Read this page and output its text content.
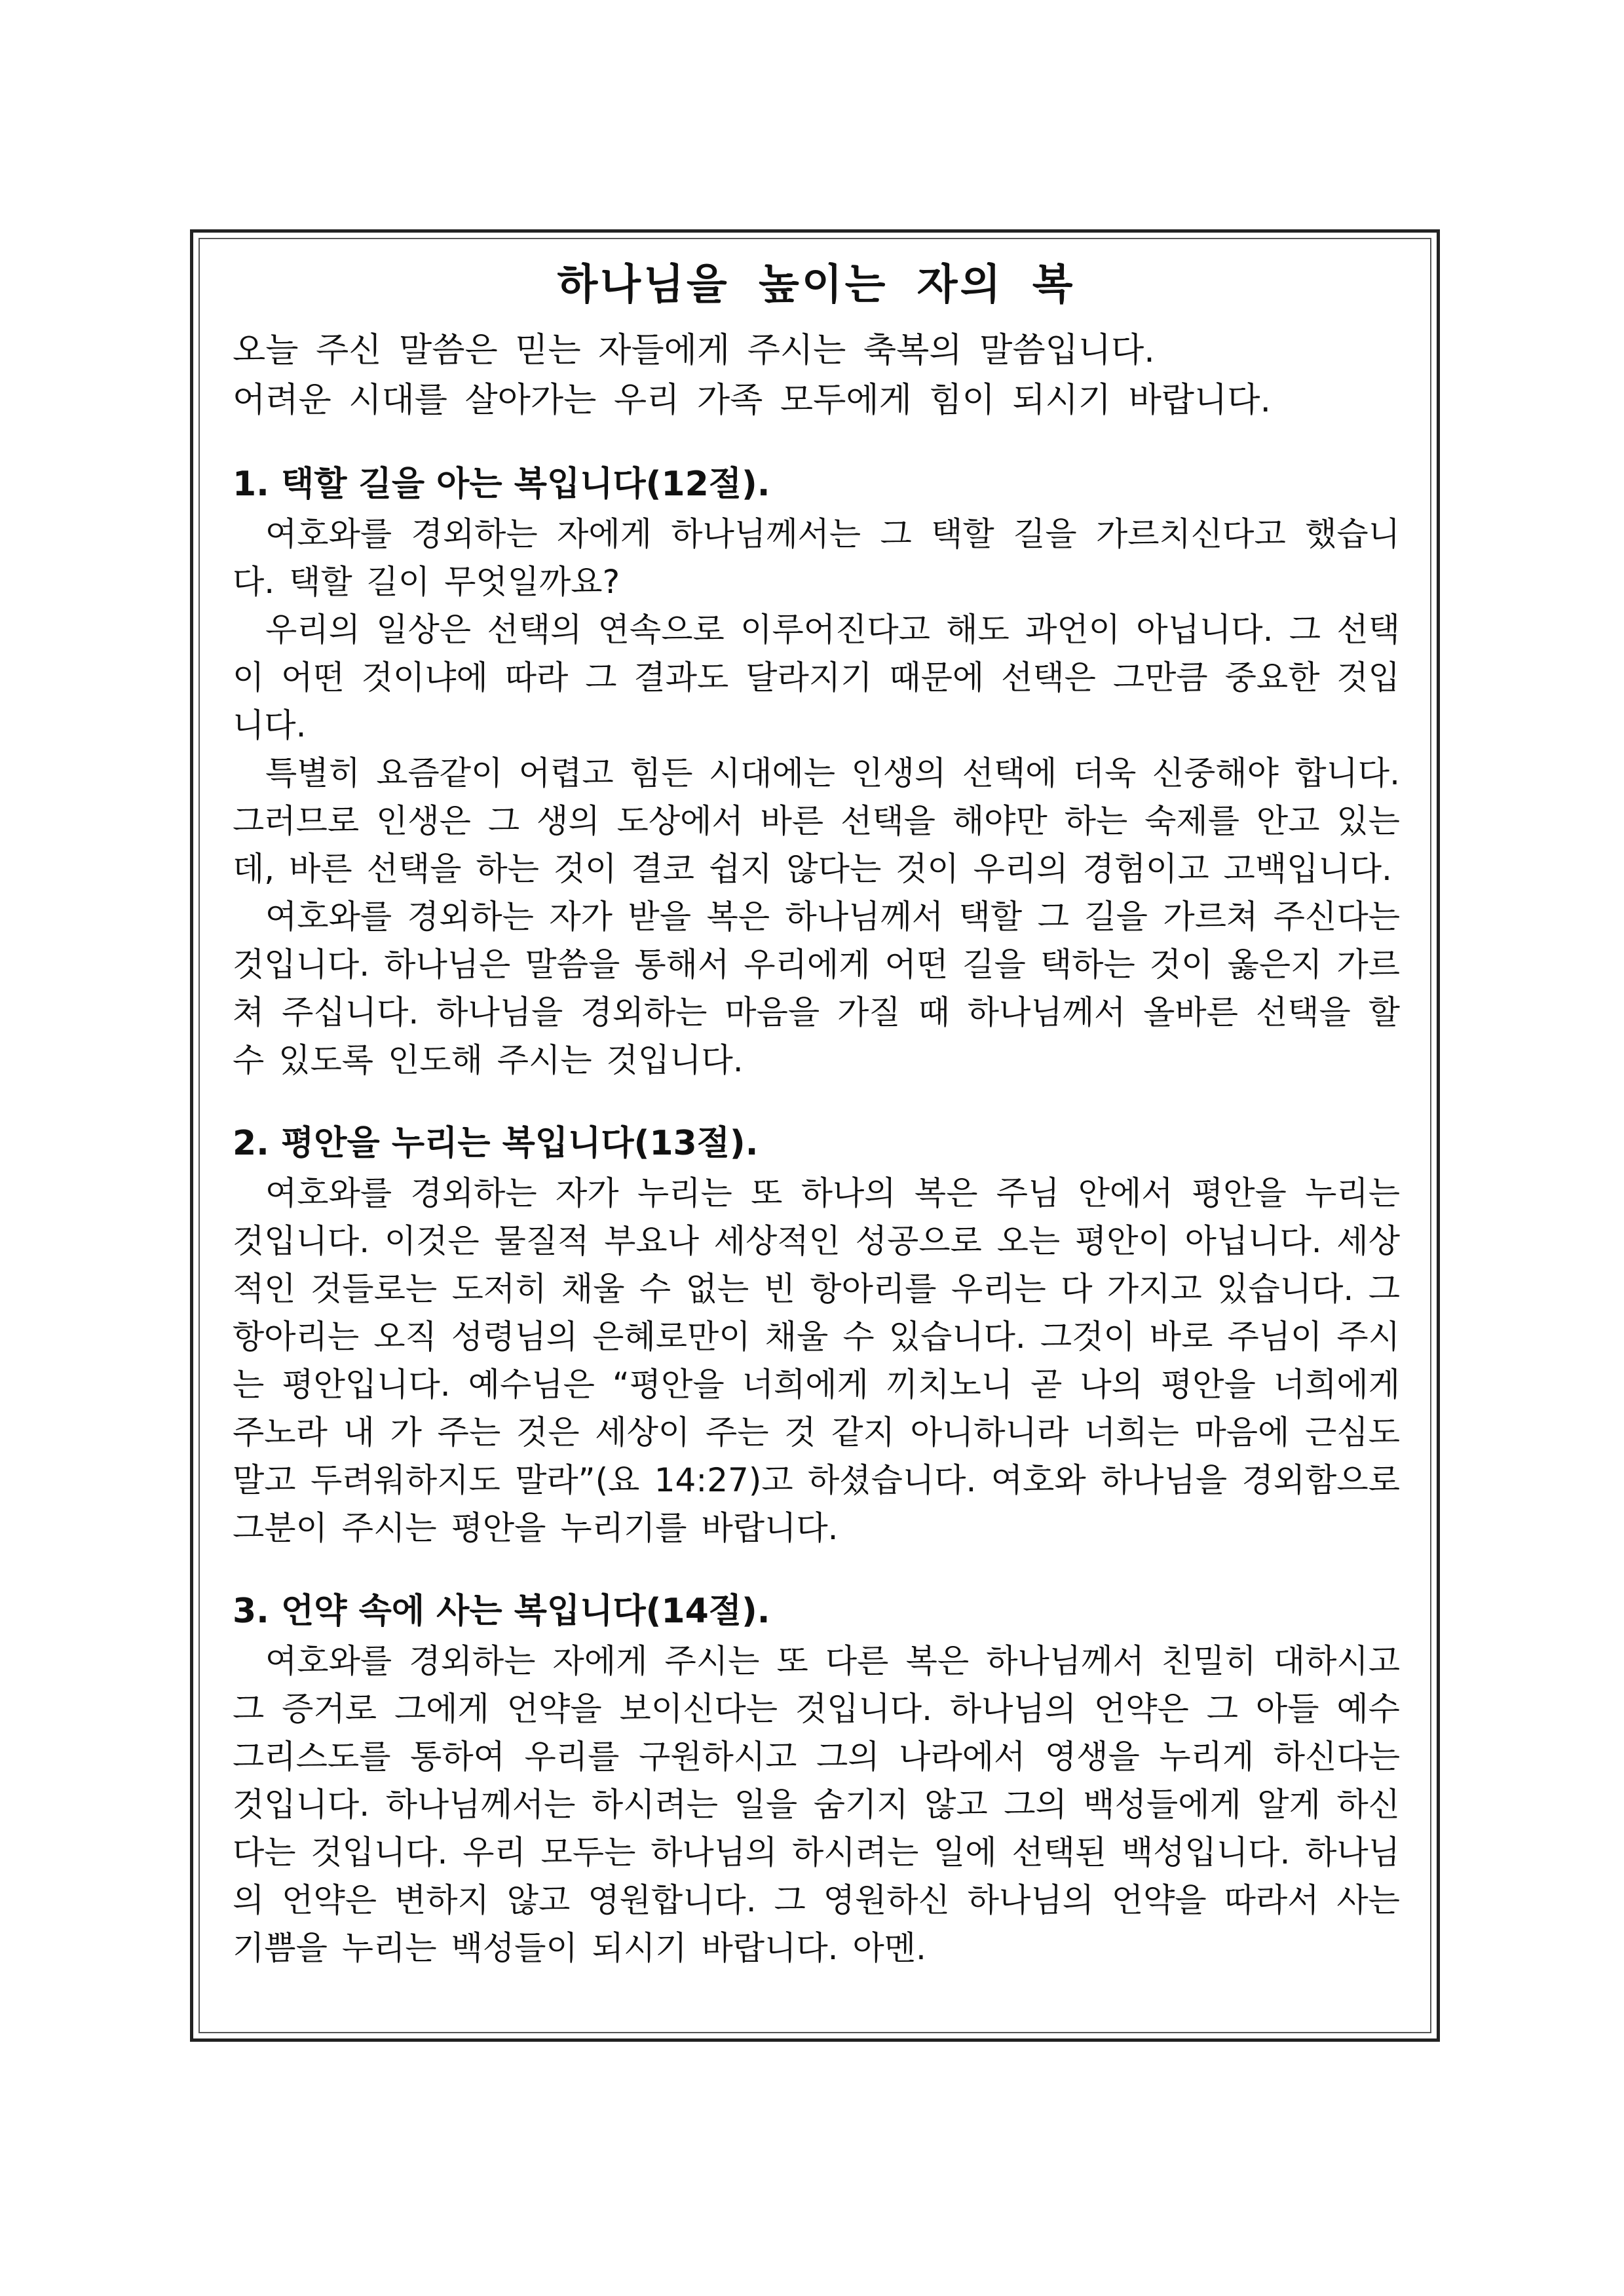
하나님을 높이는 자의 복

오늘 주신 말씀은 믿는 자들에게 주시는 축복의 말씀입니다.

어려운 시대를 살아가는 우리 가족 모두에게 힘이 되시기 바랍니다.

1. 택할 길을 아는 복입니다(12절).

여호와를 경외하는 자에게 하나님께서는 그 택할 길을 가르치신다고 했습니다. 택할 길이 무엇일까요?

우리의 일상은 선택의 연속으로 이루어진다고 해도 과언이 아닙니다. 그 선택이 어떤 것이냐에 따라 그 결과도 달라지기 때문에 선택은 그만큼 중요한 것입니다.

특별히 요즘같이 어렵고 힘든 시대에는 인생의 선택에 더욱 신중해야 합니다. 그러므로 인생은 그 생의 도상에서 바른 선택을 해야만 하는 숙제를 안고 있는데, 바른 선택을 하는 것이 결코 쉽지 않다는 것이 우리의 경험이고 고백입니다.

여호와를 경외하는 자가 받을 복은 하나님께서 택할 그 길을 가르쳐 주신다는 것입니다. 하나님은 말씀을 통해서 우리에게 어떤 길을 택하는 것이 옳은지 가르쳐 주십니다. 하나님을 경외하는 마음을 가질 때 하나님께서 올바른 선택을 할 수 있도록 인도해 주시는 것입니다.

2. 평안을 누리는 복입니다(13절).

여호와를 경외하는 자가 누리는 또 하나의 복은 주님 안에서 평안을 누리는 것입니다. 이것은 물질적 부요나 세상적인 성공으로 오는 평안이 아닙니다. 세상적인 것들로는 도저히 채울 수 없는 빈 항아리를 우리는 다 가지고 있습니다. 그 항아리는 오직 성령님의 은혜로만이 채울 수 있습니다. 그것이 바로 주님이 주시는 평안입니다. 예수님은 “평안을 너희에게 끼치노니 곧 나의 평안을 너희에게 주노라 내 가 주는 것은 세상이 주는 것 같지 아니하니라 너희는 마음에 근심도 말고 두려워하지도 말라”(요 14:27)고 하셨습니다. 여호와 하나님을 경외함으로 그분이 주시는 평안을 누리기를 바랍니다.

3. 언약 속에 사는 복입니다(14절).

여호와를 경외하는 자에게 주시는 또 다른 복은 하나님께서 친밀히 대하시고 그 증거로 그에게 언약을 보이신다는 것입니다. 하나님의 언약은 그 아들 예수 그리스도를 통하여 우리를 구원하시고 그의 나라에서 영생을 누리게 하신다는 것입니다. 하나님께서는 하시려는 일을 숨기지 않고 그의 백성들에게 알게 하신다는 것입니다. 우리 모두는 하나님의 하시려는 일에 선택된 백성입니다. 하나님의 언약은 변하지 않고 영원합니다. 그 영원하신 하나님의 언약을 따라서 사는 기쁨을 누리는 백성들이 되시기 바랍니다. 아멘.
